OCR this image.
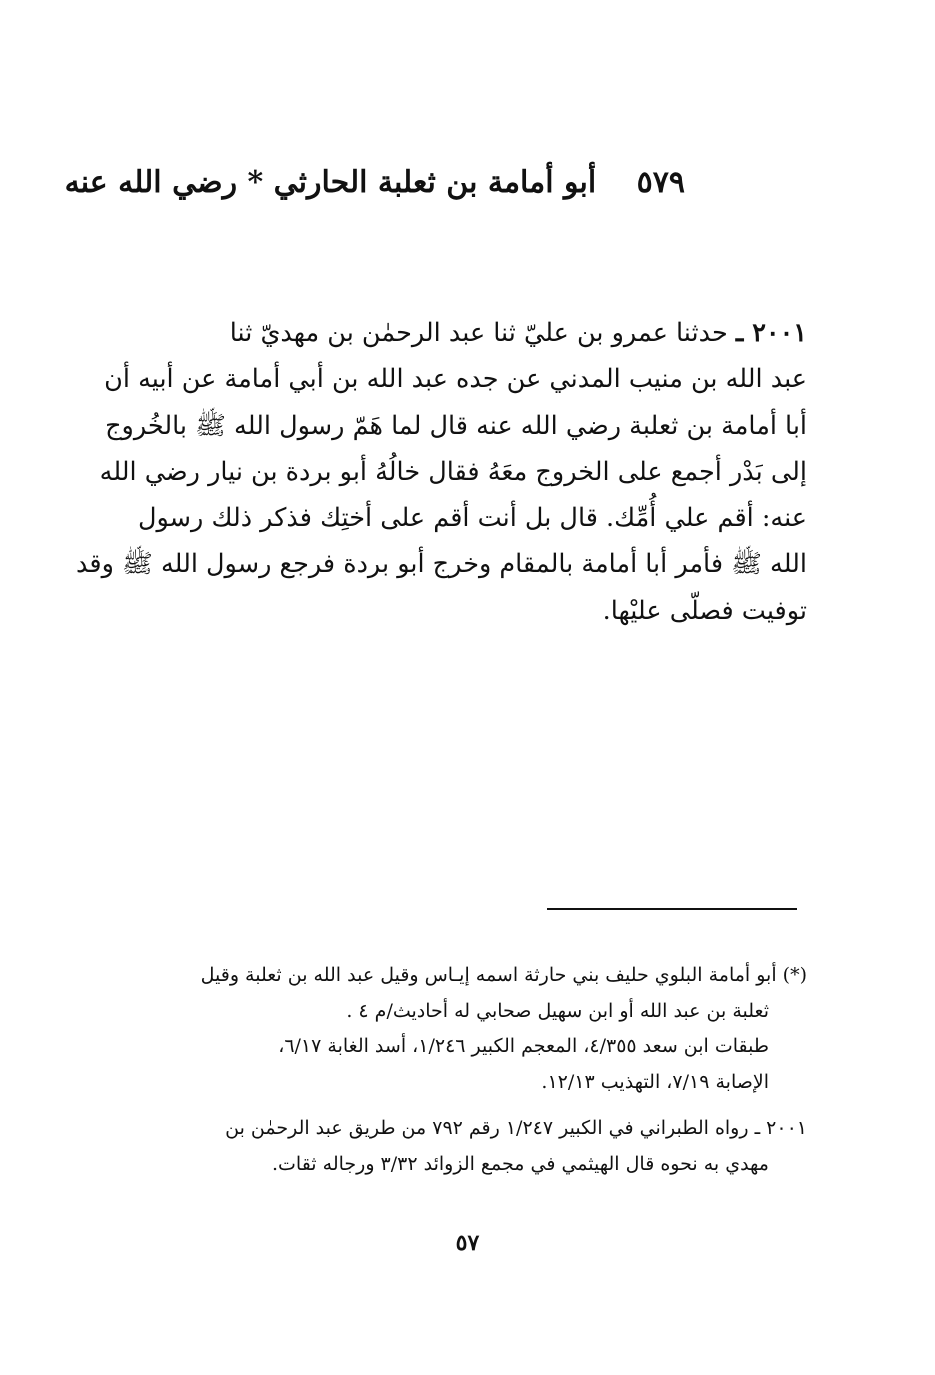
٥٧٩ أبو أمامة بن ثعلبة الحارثي * رضي الله عنه
٢٠٠١ ـ حدثنا عمرو بن عليّ ثنا عبد الرحمٰن بن مهديّ ثنا
عبد الله بن منيب المدني عن جده عبد الله بن أبي أمامة عن أبيه أن
أبا أمامة بن ثعلبة رضي الله عنه قال لما هَمّ رسول الله ﷺ بالخُروج
إلى بَدْر أجمع على الخروج معَهُ فقال خالُهُ أبو بردة بن نيار رضي الله
عنه: أقم علي أُمِّك. قال بل أنت أقم على أختِك فذكر ذلك رسول
الله ﷺ فأمر أبا أمامة بالمقام وخرج أبو بردة فرجع رسول الله ﷺ وقد
توفيت فصلّى عليْها.
(*) أبو أمامة البلوي حليف بني حارثة اسمه إيـاس وقيل عبد الله بن ثعلبة وقيل
ثعلبة بن عبد الله أو ابن سهيل صحابي له أحاديث/م ٤ .
طبقات ابن سعد ٤/٣٥٥، المعجم الكبير ١/٢٤٦، أسد الغابة ٦/١٧،
الإصابة ٧/١٩، التهذيب ١٢/١٣.
٢٠٠١ ـ رواه الطبراني في الكبير ١/٢٤٧ رقم ٧٩٢ من طريق عبد الرحمٰن بن
مهدي به نحوه قال الهيثمي في مجمع الزوائد ٣/٣٢ ورجاله ثقات.
٥٧
